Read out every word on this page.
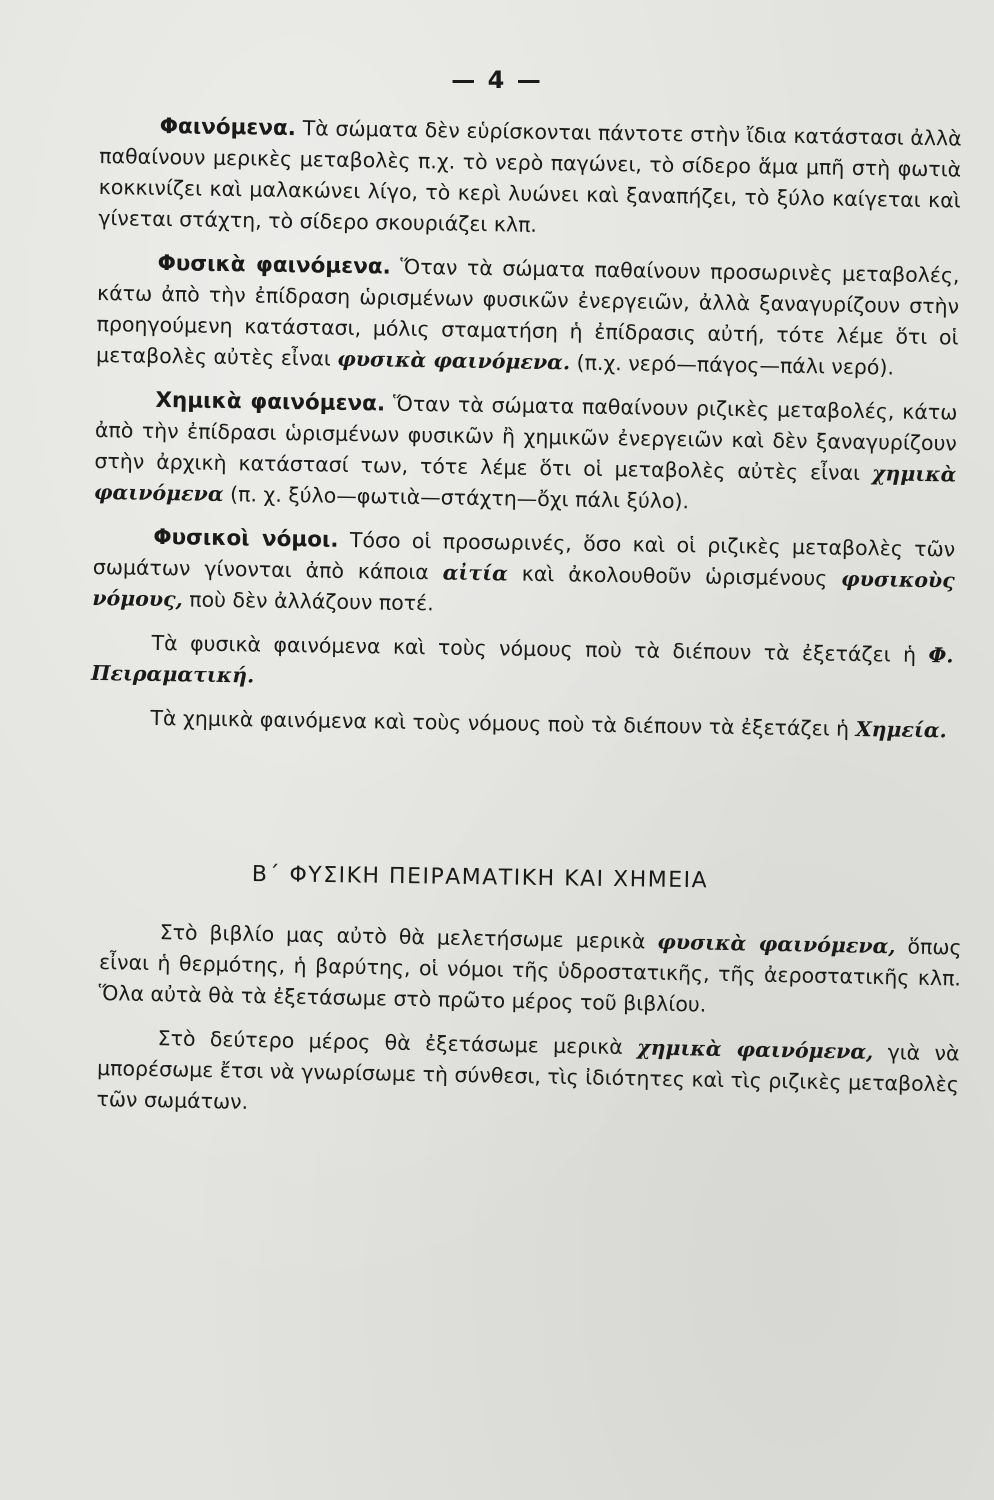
— 4 —

Φαινόμενα. Τὰ σώματα δὲν εὑρίσκονται πάντοτε στὴν ἴδια κατάστασι ἀλλὰ παθαίνουν μερικὲς μεταβολὲς π.χ. τὸ νερὸ παγώνει, τὸ σίδερο ἅμα μπῆ στὴ φωτιὰ κοκκινίζει καὶ μαλακώνει λίγο, τὸ κερὶ λυώνει καὶ ξαναπήζει, τὸ ξύλο καίγεται καὶ γίνεται στάχτη, τὸ σίδερο σκουριάζει κλπ.

Φυσικὰ φαινόμενα. Ὅταν τὰ σώματα παθαίνουν προσωρινὲς μεταβολές, κάτω ἀπὸ τὴν ἐπίδραση ὡρισμένων φυσικῶν ἐνεργειῶν, ἀλλὰ ξαναγυρίζουν στὴν προηγούμενη κατάστασι, μόλις σταματήση ἡ ἐπίδρασις αὐτή, τότε λέμε ὅτι οἱ μεταβολὲς αὐτὲς εἶναι φυσικὰ φαινόμενα. (π.χ. νερό—πάγος—πάλι νερό).

Χημικὰ φαινόμενα. Ὅταν τὰ σώματα παθαίνουν ριζικὲς μεταβολές, κάτω ἀπὸ τὴν ἐπίδρασι ὡρισμένων φυσικῶν ἢ χημικῶν ἐνεργειῶν καὶ δὲν ξαναγυρίζουν στὴν ἀρχικὴ κατάστασί των, τότε λέμε ὅτι οἱ μεταβολὲς αὐτὲς εἶναι χημικὰ φαινόμενα (π. χ. ξύλο—φωτιὰ—στάχτη—ὄχι πάλι ξύλο).

Φυσικοὶ νόμοι. Τόσο οἱ προσωρινές, ὅσο καὶ οἱ ριζικὲς μεταβολὲς τῶν σωμάτων γίνονται ἀπὸ κάποια αἰτία καὶ ἀκολουθοῦν ὡρισμένους φυσικοὺς νόμους, ποὺ δὲν ἀλλάζουν ποτέ.

Τὰ φυσικὰ φαινόμενα καὶ τοὺς νόμους ποὺ τὰ διέπουν τὰ ἐξετάζει ἡ Φ. Πειραματική.

Τὰ χημικὰ φαινόμενα καὶ τοὺς νόμους ποὺ τὰ διέπουν τὰ ἐξετάζει ἡ Χημεία.

Β΄ ΦΥΣΙΚΗ ΠΕΙΡΑΜΑΤΙΚΗ ΚΑΙ ΧΗΜΕΙΑ

Στὸ βιβλίο μας αὐτὸ θὰ μελετήσωμε μερικὰ φυσικὰ φαινόμενα, ὅπως εἶναι ἡ θερμότης, ἡ βαρύτης, οἱ νόμοι τῆς ὑδροστατικῆς, τῆς ἀεροστατικῆς κλπ. Ὅλα αὐτὰ θὰ τὰ ἐξετάσωμε στὸ πρῶτο μέρος τοῦ βιβλίου.

Στὸ δεύτερο μέρος θὰ ἐξετάσωμε μερικὰ χημικὰ φαινόμενα, γιὰ νὰ μπορέσωμε ἔτσι νὰ γνωρίσωμε τὴ σύνθεσι, τὶς ἰδιότητες καὶ τὶς ριζικὲς μεταβολὲς τῶν σωμάτων.
